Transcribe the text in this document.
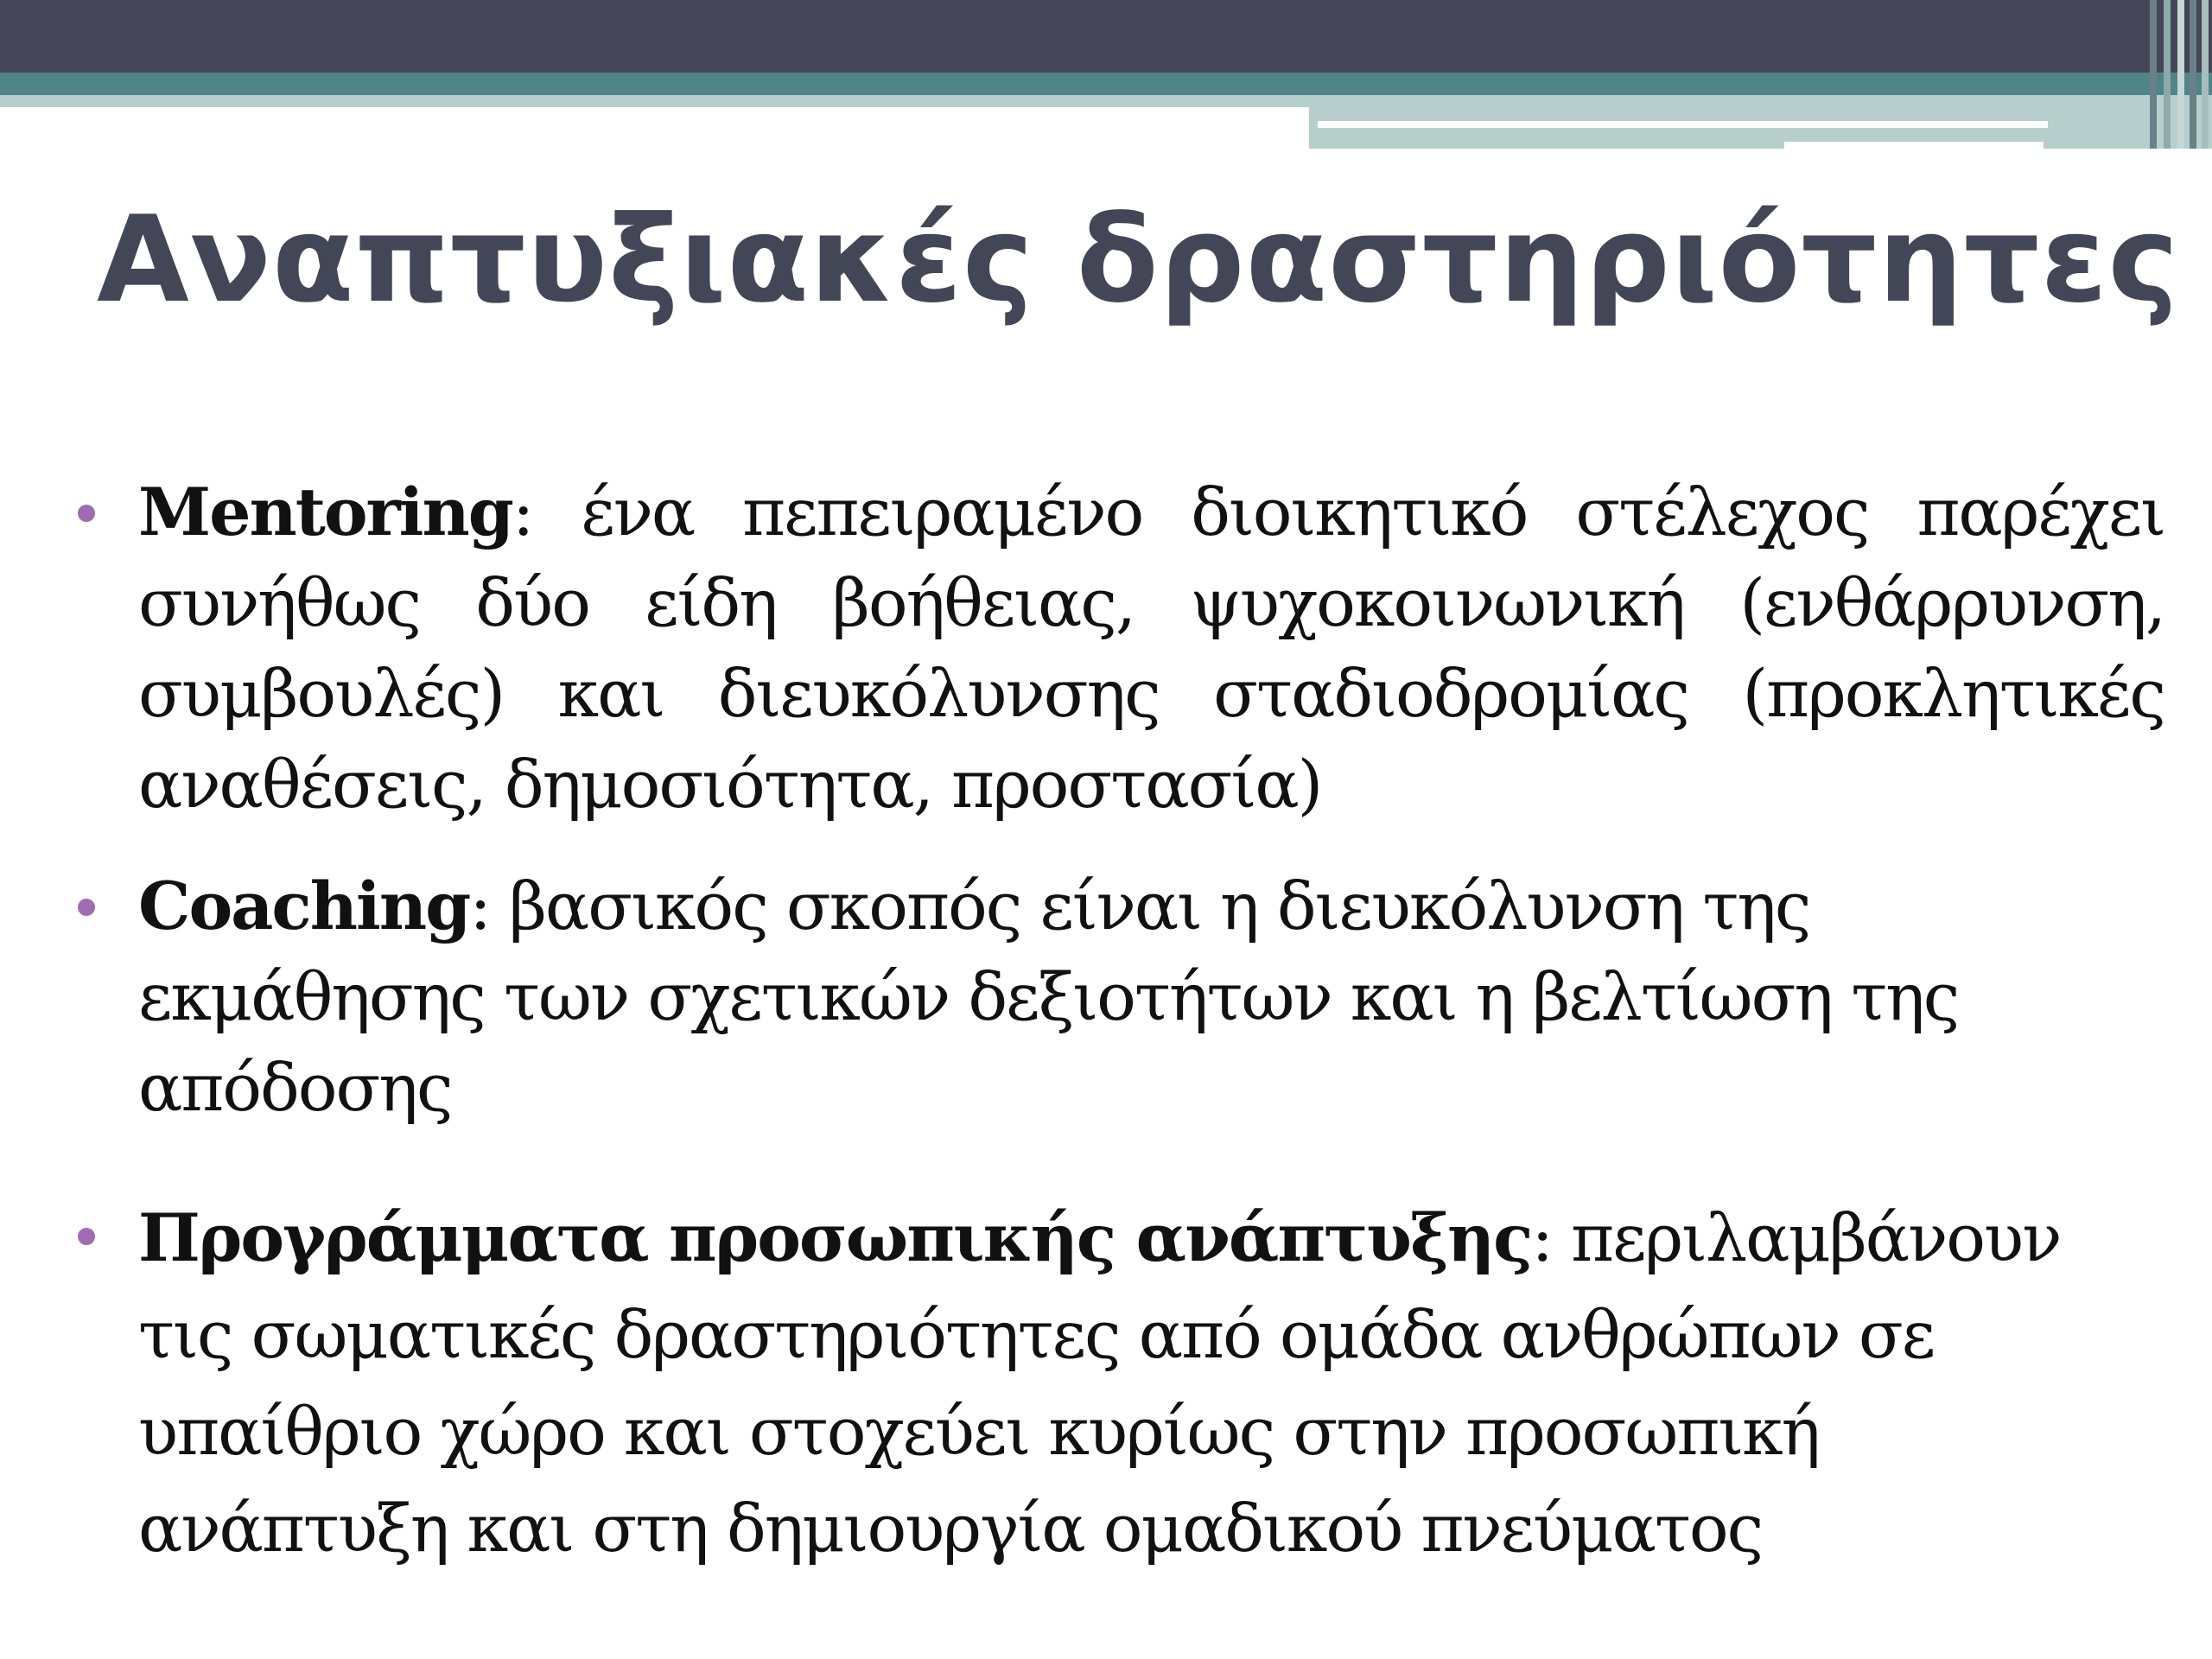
Αναπτυξιακές δραστηριότητες
Mentoring: ένα πεπειραμένο διοικητικό στέλεχος παρέχει συνήθως δύο είδη βοήθειας, ψυχοκοινωνική (ενθάρρυνση, συμβουλές) και διευκόλυνσης σταδιοδρομίας (προκλητικές αναθέσεις, δημοσιότητα, προστασία)
Coaching: βασικός σκοπός είναι η διευκόλυνση της εκμάθησης των σχετικών δεξιοτήτων και η βελτίωση της απόδοσης
Προγράμματα προσωπικής ανάπτυξης: περιλαμβάνουν τις σωματικές δραστηριότητες από ομάδα ανθρώπων σε υπαίθριο χώρο και στοχεύει κυρίως στην προσωπική ανάπτυξη και στη δημιουργία ομαδικού πνεύματος
